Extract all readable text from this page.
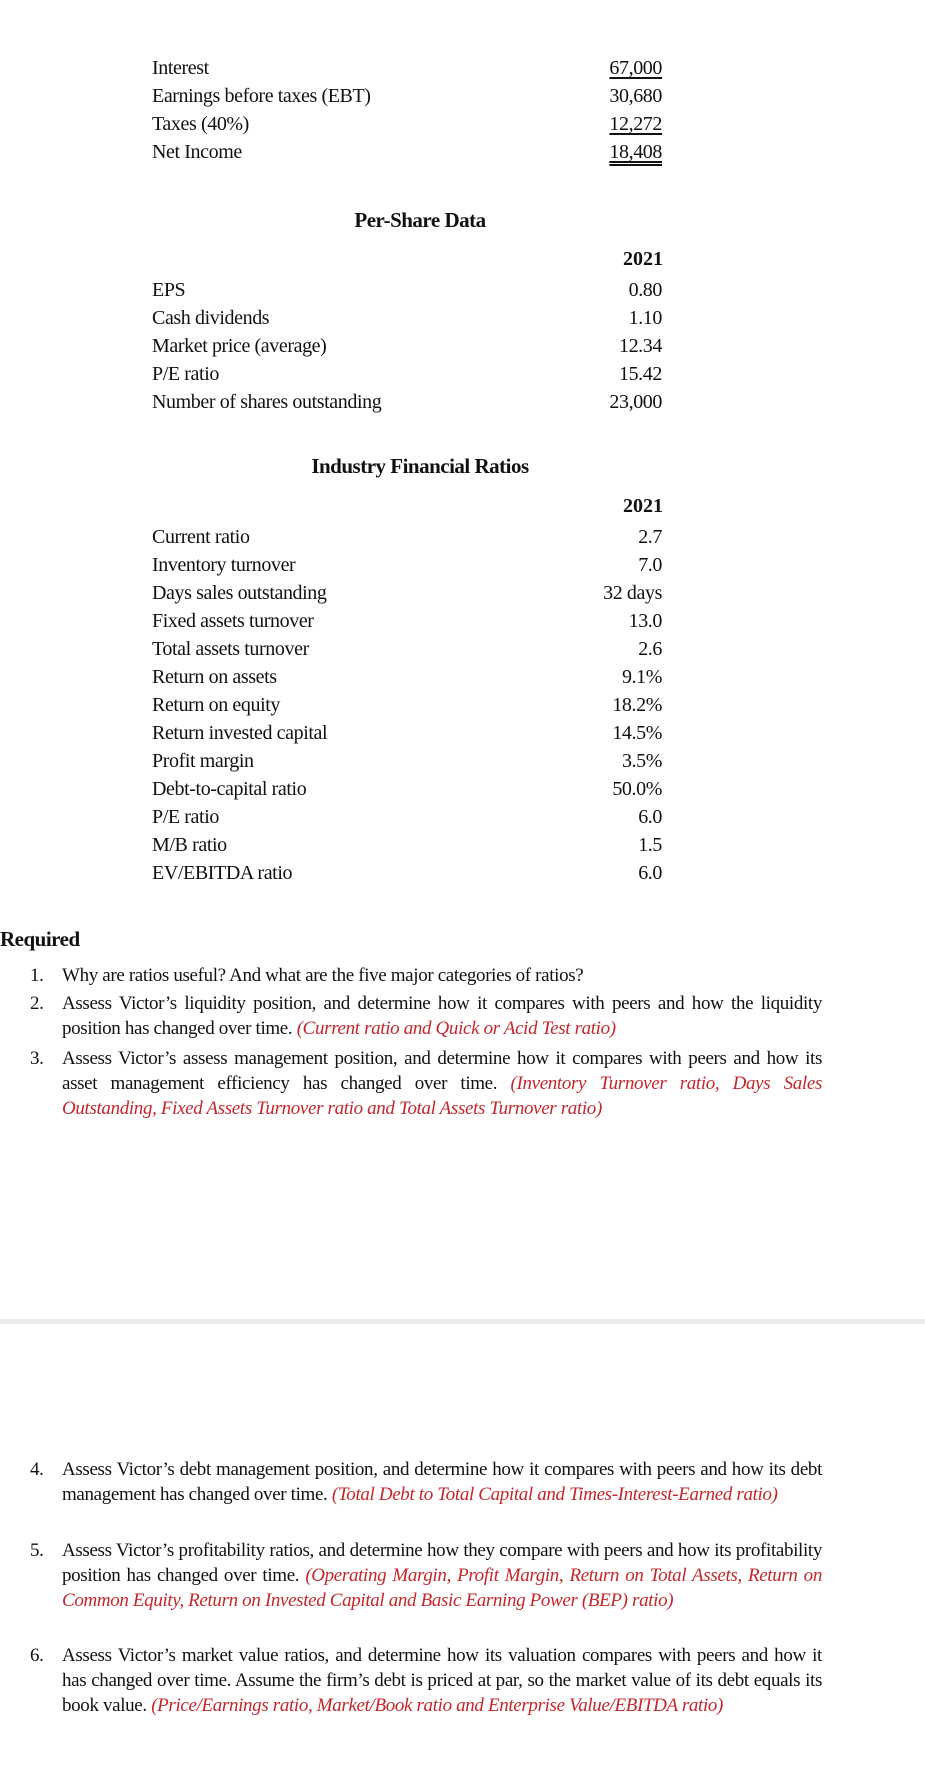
Interest	67,000
Earnings before taxes (EBT)	30,680
Taxes (40%)	12,272
Net Income	18,408
Per-Share Data
2021
EPS	0.80
Cash dividends	1.10
Market price (average)	12.34
P/E ratio	15.42
Number of shares outstanding	23,000
Industry Financial Ratios
2021
Current ratio	2.7
Inventory turnover	7.0
Days sales outstanding	32 days
Fixed assets turnover	13.0
Total assets turnover	2.6
Return on assets	9.1%
Return on equity	18.2%
Return invested capital	14.5%
Profit margin	3.5%
Debt-to-capital ratio	50.0%
P/E ratio	6.0
M/B ratio	1.5
EV/EBITDA ratio	6.0
Required
1. Why are ratios useful? And what are the five major categories of ratios?
2. Assess Victor’s liquidity position, and determine how it compares with peers and how the liquidity position has changed over time. (Current ratio and Quick or Acid Test ratio)
3. Assess Victor’s assess management position, and determine how it compares with peers and how its asset management efficiency has changed over time. (Inventory Turnover ratio, Days Sales Outstanding, Fixed Assets Turnover ratio and Total Assets Turnover ratio)
4. Assess Victor’s debt management position, and determine how it compares with peers and how its debt management has changed over time. (Total Debt to Total Capital and Times-Interest-Earned ratio)
5. Assess Victor’s profitability ratios, and determine how they compare with peers and how its profitability position has changed over time. (Operating Margin, Profit Margin, Return on Total Assets, Return on Common Equity, Return on Invested Capital and Basic Earning Power (BEP) ratio)
6. Assess Victor’s market value ratios, and determine how its valuation compares with peers and how it has changed over time. Assume the firm’s debt is priced at par, so the market value of its debt equals its book value. (Price/Earnings ratio, Market/Book ratio and Enterprise Value/EBITDA ratio)
